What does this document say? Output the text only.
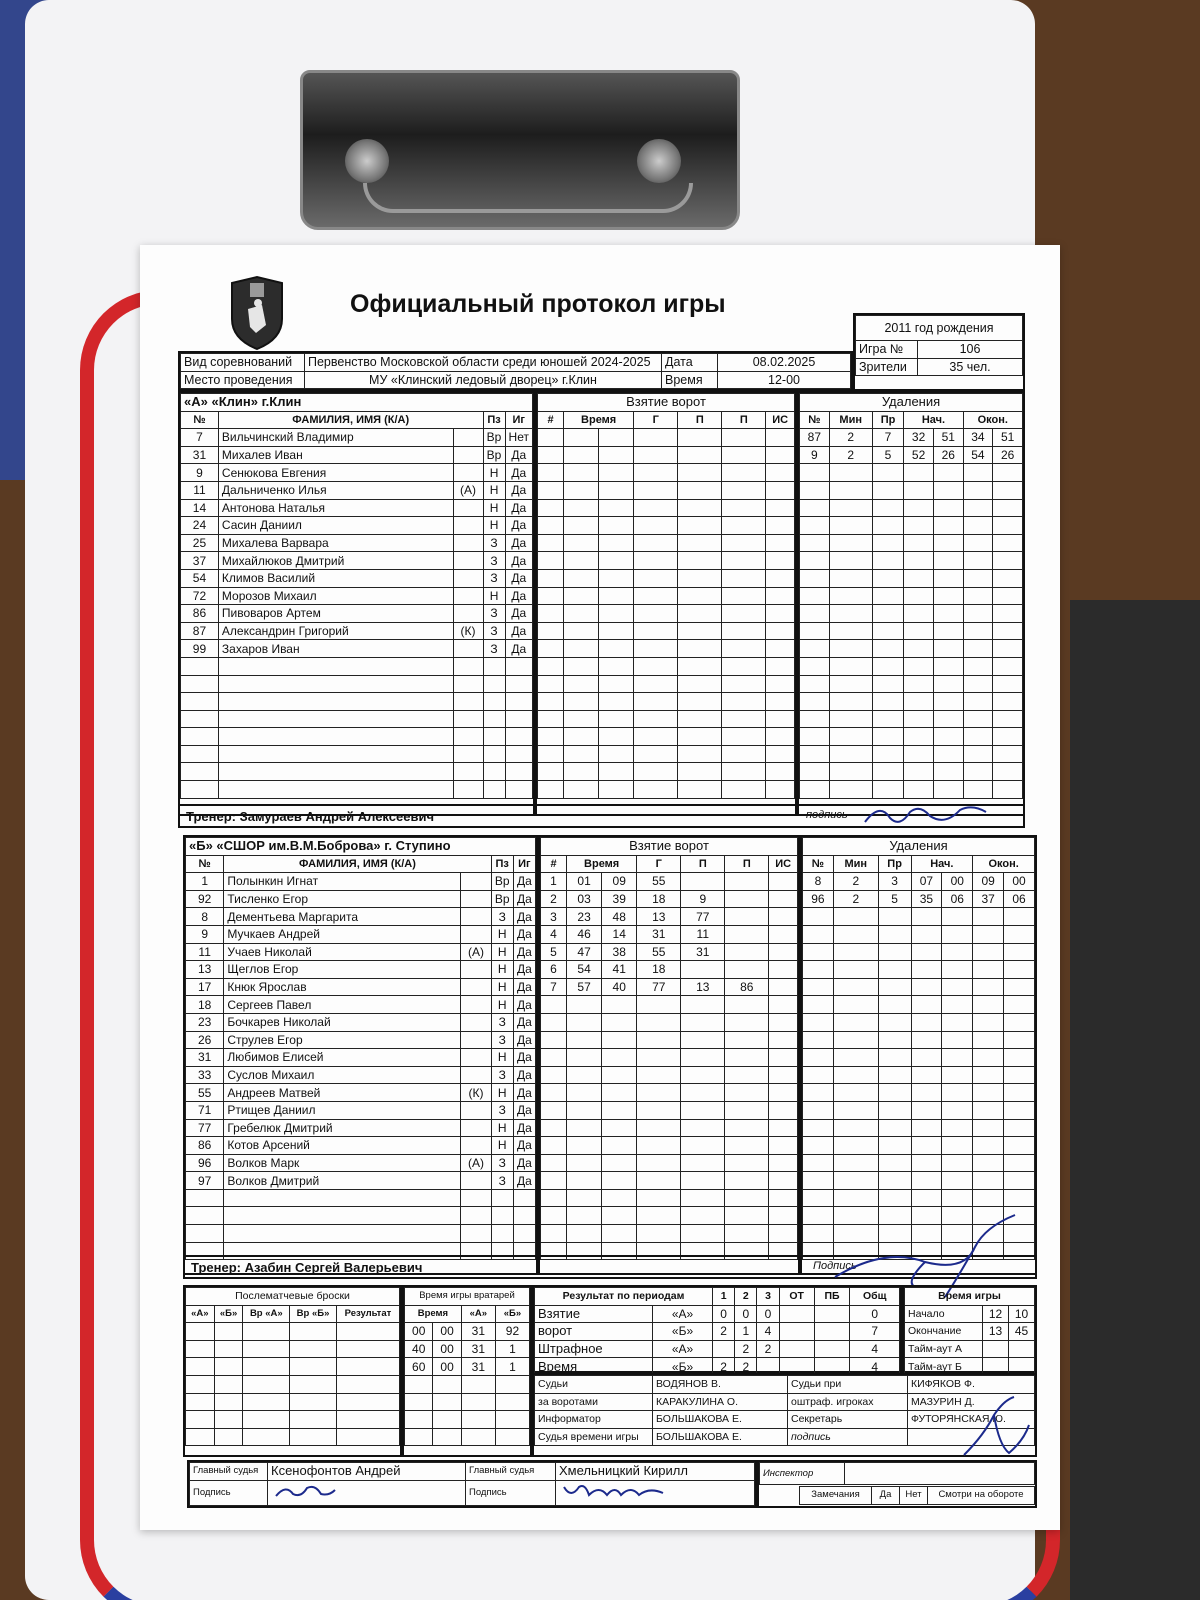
Официальный протокол игры
Вид соревнований	Первенство Московской области среди юношей 2024-2025	Дата	08.02.2025
Место проведения	МУ «Клинский ледовый дворец» г.Клин	Время	12-00
2011 год рождения	
Игра №	106
Зрители	35 чел.
«А» «Клин» г.Клин				
№	ФАМИЛИЯ, ИМЯ (К/А)		Пз	Иг
7	Вильчинский Владимир		Вр	Нет
31	Михалев Иван		Вр	Да
9	Сенюкова Евгения		Н	Да
11	Дальниченко Илья	(А)	Н	Да
14	Антонова Наталья		Н	Да
24	Сасин Даниил		Н	Да
25	Михалева Варвара		З	Да
37	Михайлюков Дмитрий		З	Да
54	Климов Василий		З	Да
72	Морозов Михаил		Н	Да
86	Пивоваров Артем		З	Да
87	Александрин Григорий	(К)	З	Да
99	Захаров Иван		З	Да

Взятие ворот						
#	Время		Г	П	П	ИС

Удаления						
№	Мин	Пр	Нач.		Окон.	
87	2	7	32	51	34	51
9	2	5	52	26	54	26

Тренер: Замураев Андрей Алексеевич	подпись
«Б» «СШОР им.В.М.Боброва» г. Ступино				
№	ФАМИЛИЯ, ИМЯ (К/А)		Пз	Иг
1	Полынкин Игнат		Вр	Да
92	Тисленко Егор		Вр	Да
8	Дементьева Маргарита		З	Да
9	Мучкаев Андрей		Н	Да
11	Учаев Николай	(А)	Н	Да
13	Щеглов Егор		Н	Да
17	Кнюк Ярослав		Н	Да
18	Сергеев Павел		Н	Да
23	Бочкарев Николай		З	Да
26	Струлев Егор		З	Да
31	Любимов Елисей		Н	Да
33	Суслов Михаил		З	Да
55	Андреев Матвей	(К)	Н	Да
71	Ртищев Даниил		З	Да
77	Гребелюк Дмитрий		Н	Да
86	Котов Арсений		Н	Да
96	Волков Марк	(А)	З	Да
97	Волков Дмитрий		З	Да

Взятие ворот						
#	Время		Г	П	П	ИС
1	01	09	55			
2	03	39	18	9		
3	23	48	13	77		
4	46	14	31	11		
5	47	38	55	31		
6	54	41	18			
7	57	40	77	13	86	

Удаления						
№	Мин	Пр	Нач.		Окон.	
8	2	3	07	00	09	00
96	2	5	35	06	37	06

Тренер: Азабин Сергей Валерьевич	Подпись
Послематчевые броски				
«А»	«Б»	Вр «А»	Вр «Б»	Результат

Время игры вратарей			
Время		«А»	«Б»
00	00	31	92
40	00	31	1
60	00	31	1

Результат по периодам		1	2	3	ОТ	ПБ	Общ
Взятие	«А»	0	0	0			0
ворот	«Б»	2	1	4			7
Штрафное	«А»		2	2			4
Время	«Б»	2	2				4
Время игры		
Начало	12	10
Окончание	13	45
Тайм-аут А		
Тайм-аут Б		
Судьи	ВОДЯНОВ В.	Судьи при	КИФЯКОВ Ф.
за воротами	КАРАКУЛИНА О.	оштраф. игроках	МАЗУРИН Д.
Информатор	БОЛЬШАКОВА Е.	Секретарь	ФУТОРЯНСКАЯ Ю.
Судья времени игры	БОЛЬШАКОВА Е.	подпись	
Главный судья	Ксенофонтов Андрей	Главный судья	Хмельницкий Кирилл
Подпись		Подпись	
Инспектор	
Замечания	Да	Нет	Смотри на обороте
